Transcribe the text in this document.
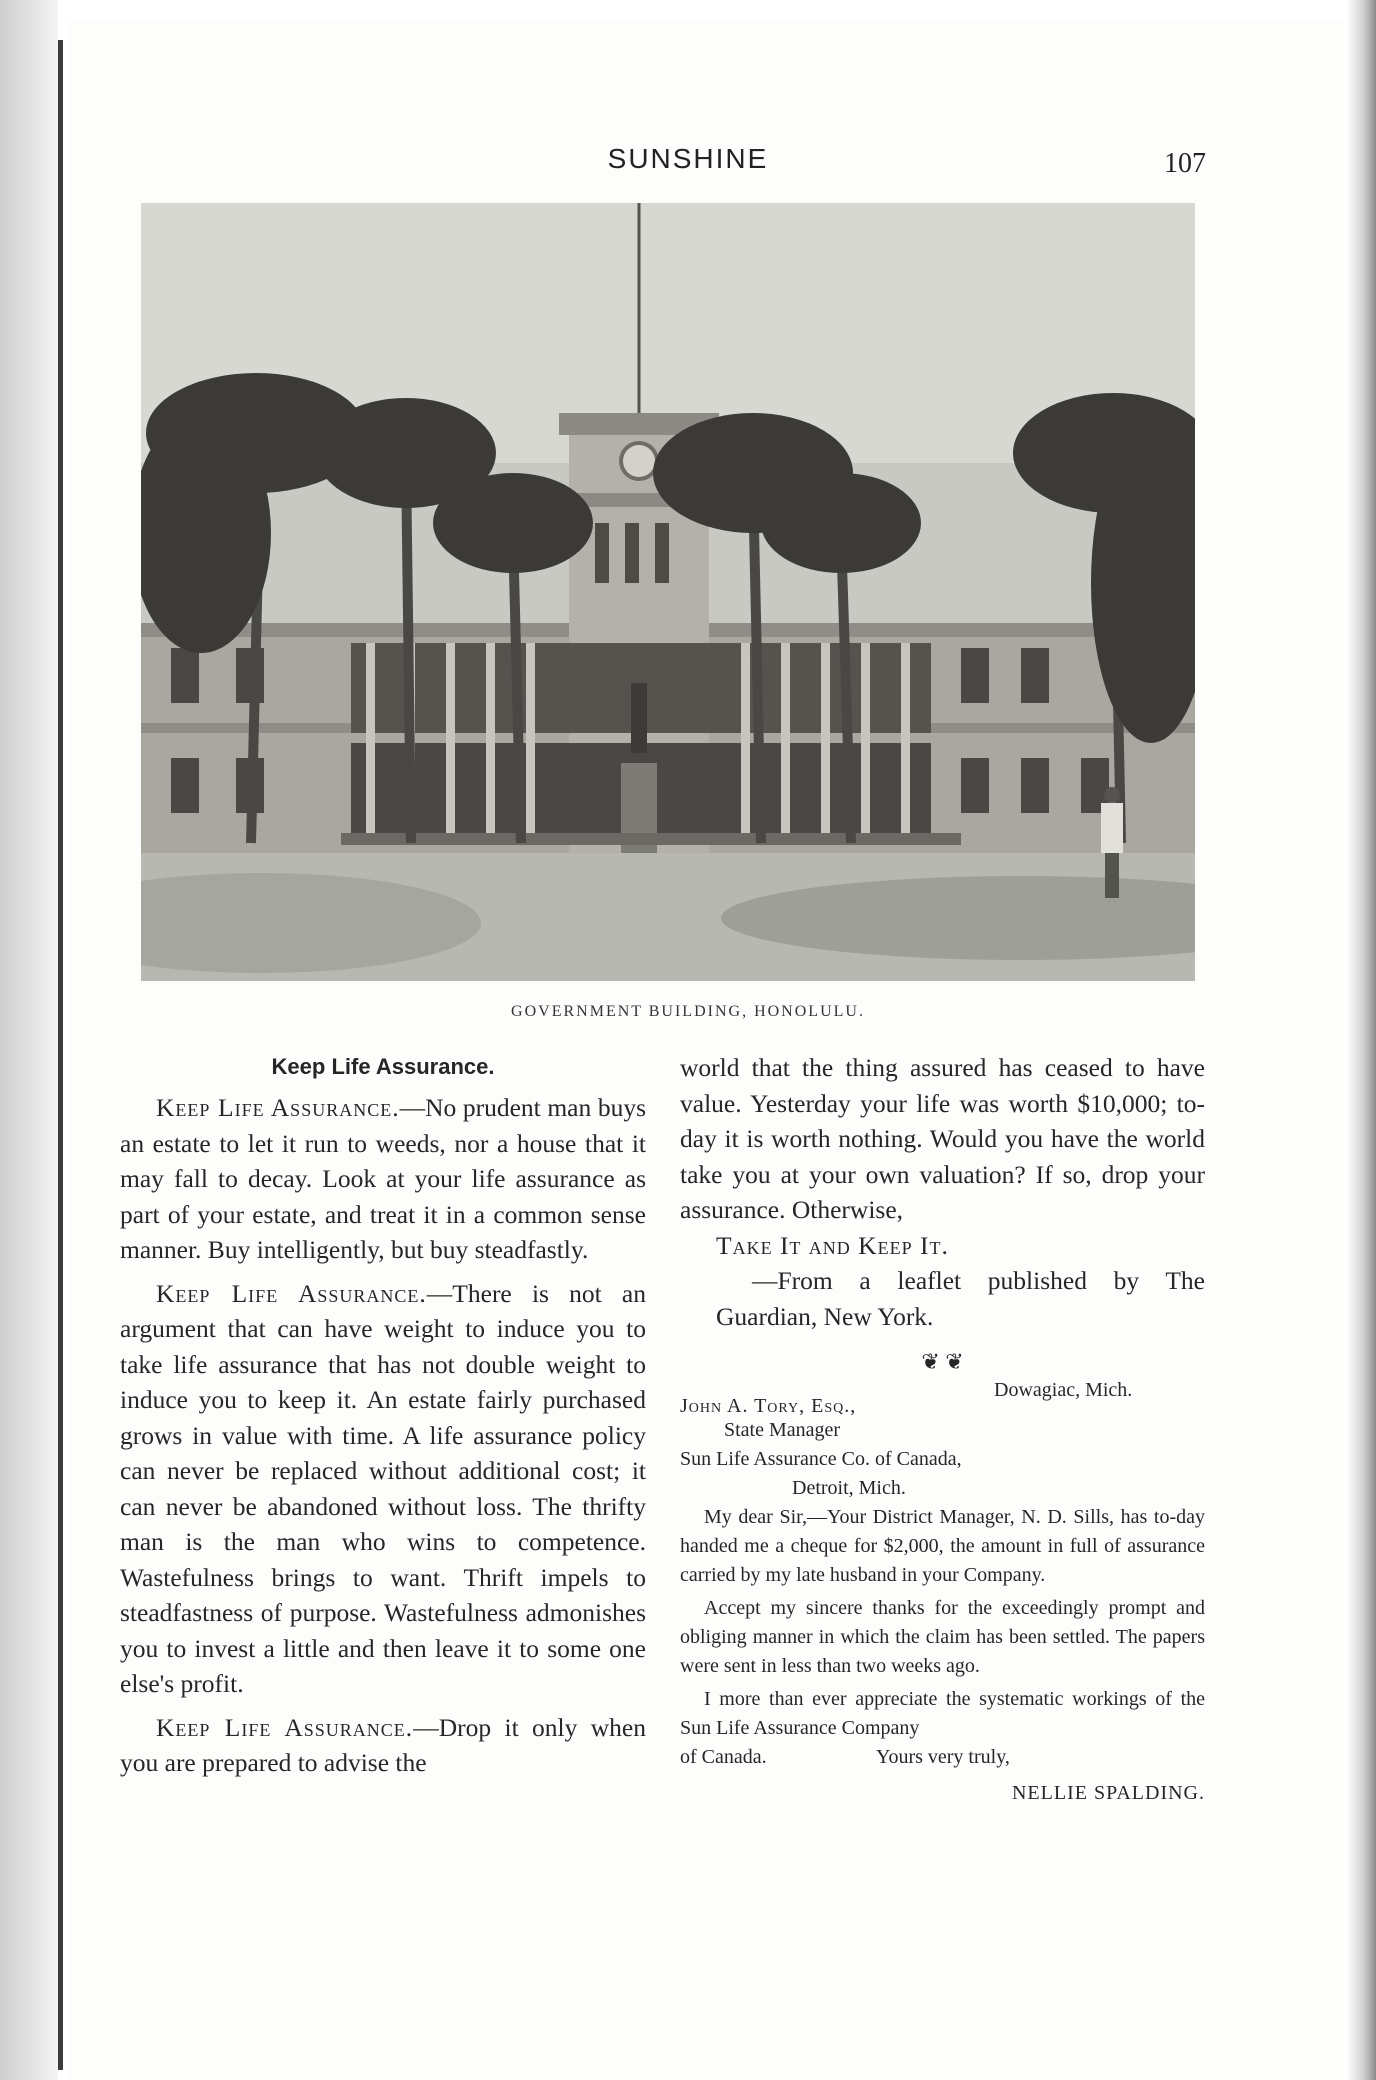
SUNSHINE	107
GOVERNMENT BUILDING, HONOLULU.
Keep Life Assurance.

Keep Life Assurance.—No prudent man buys an estate to let it run to weeds, nor a house that it may fall to decay. Look at your life assurance as part of your estate, and treat it in a common sense manner. Buy intelligently, but buy steadfastly.

Keep Life Assurance.—There is not an argument that can have weight to induce you to take life assurance that has not double weight to induce you to keep it. An estate fairly purchased grows in value with time. A life assurance policy can never be replaced without additional cost; it can never be abandoned without loss. The thrifty man is the man who wins to competence. Wastefulness brings to want. Thrift impels to steadfastness of purpose. Wastefulness admonishes you to invest a little and then leave it to some one else's profit.

Keep Life Assurance.—Drop it only when you are prepared to advise the

world that the thing assured has ceased to have value. Yesterday your life was worth $10,000; to-day it is worth nothing. Would you have the world take you at your own valuation? If so, drop your assurance. Otherwise,

Take It and Keep It.

—From a leaflet published by The Guardian, New York.

❦ ❦
John A. Tory, Esq.,
Dowagiac, Mich.
State Manager
Sun Life Assurance Co. of Canada,
Detroit, Mich.

My dear Sir,—Your District Manager, N. D. Sills, has to-day handed me a cheque for $2,000, the amount in full of assurance carried by my late husband in your Company.

Accept my sincere thanks for the exceedingly prompt and obliging manner in which the claim has been settled. The papers were sent in less than two weeks ago.

I more than ever appreciate the systematic workings of the Sun Life Assurance Company

of Canada.	Yours very truly,
NELLIE SPALDING.
